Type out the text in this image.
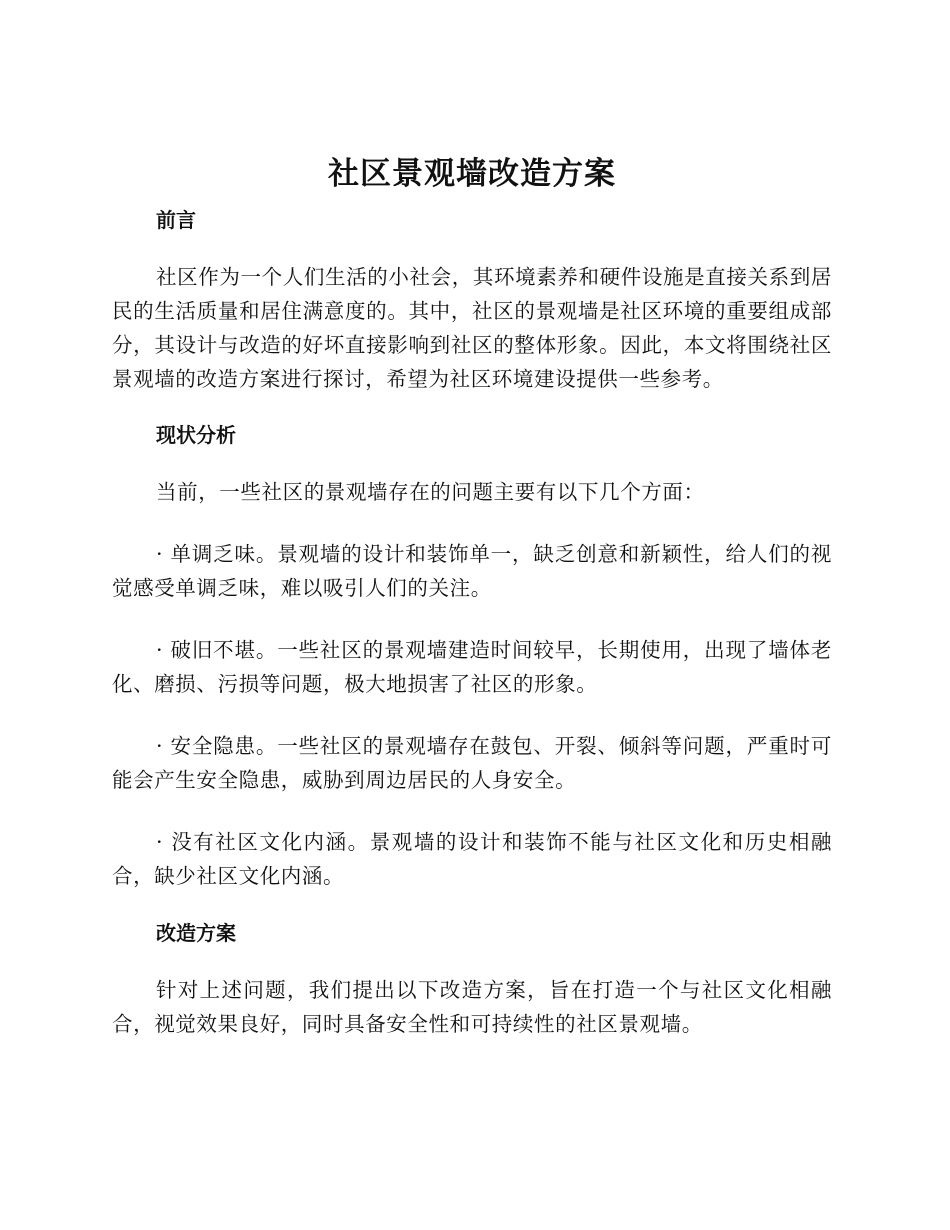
社区景观墙改造方案
前言

社区作为一个人们生活的小社会，其环境素养和硬件设施是直接关系到居民的生活质量和居住满意度的。其中，社区的景观墙是社区环境的重要组成部分，其设计与改造的好坏直接影响到社区的整体形象。因此，本文将围绕社区景观墙的改造方案进行探讨，希望为社区环境建设提供一些参考。

现状分析

当前，一些社区的景观墙存在的问题主要有以下几个方面：

· 单调乏味。景观墙的设计和装饰单一，缺乏创意和新颖性，给人们的视觉感受单调乏味，难以吸引人们的关注。

· 破旧不堪。一些社区的景观墙建造时间较早，长期使用，出现了墙体老化、磨损、污损等问题，极大地损害了社区的形象。

· 安全隐患。一些社区的景观墙存在鼓包、开裂、倾斜等问题，严重时可能会产生安全隐患，威胁到周边居民的人身安全。

· 没有社区文化内涵。景观墙的设计和装饰不能与社区文化和历史相融合，缺少社区文化内涵。

改造方案

针对上述问题，我们提出以下改造方案，旨在打造一个与社区文化相融合，视觉效果良好，同时具备安全性和可持续性的社区景观墙。
